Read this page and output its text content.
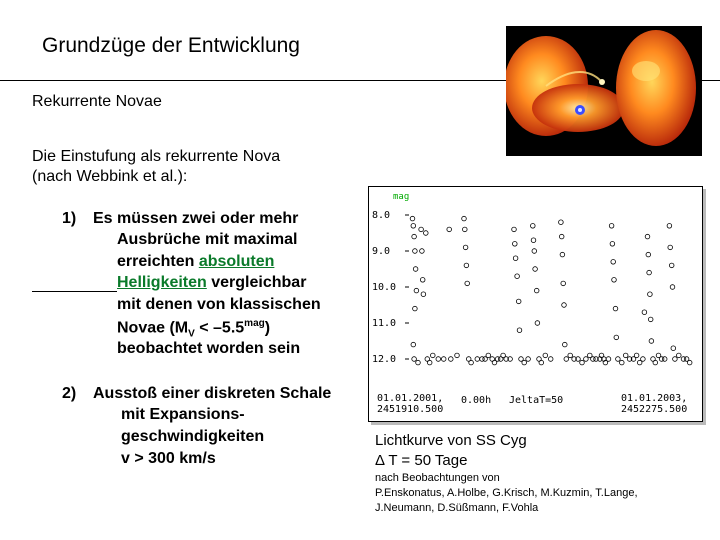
Grundzüge der Entwicklung
Rekurrente Novae
Die Einstufung als rekurrente Nova
(nach Webbink et al.):
1) Es müssen zwei oder mehr
Ausbrüche mit maximal
erreichten absoluten
Helligkeiten vergleichbar
mit denen von klassischen
Novae $(M_V < -5.5^{mag})$
beobachtet worden sein
2) Ausstoß einer diskreten Schale
mit Expansions-
geschwindigkeiten
v > 300 km/s
mag
8.0
9.0
10.0
11.0
12.0
01.01.2001,
2451910.500
0.00h JeltaT=50	01.01.2003,
2452275.500
Lichtkurve von SS Cyg
Δ T = 50 Tage
nach Beobachtungen von
P.Enskonatus, A.Holbe, G.Krisch, M.Kuzmin, T.Lange,
J.Neumann, D.Süßmann, F.Vohla
